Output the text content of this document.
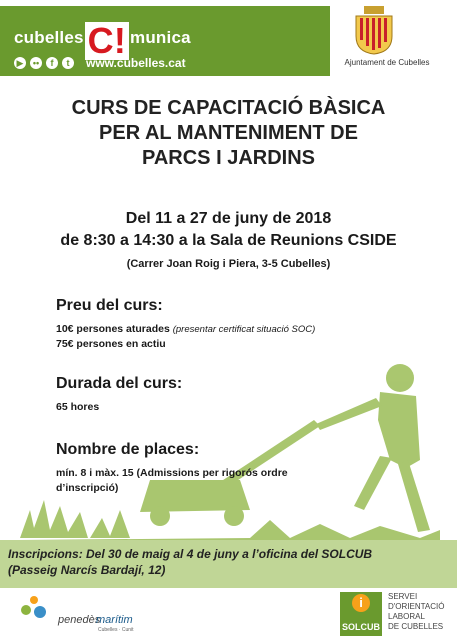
cubelles C! munica
▶	••	f	t	www.cubelles.cat	Ajuntament de Cubelles
CURS DE CAPACITACIÓ BÀSICA
PER AL MANTENIMENT DE
PARCS I JARDINS
Del 11 a 27 de juny de 2018
de 8:30 a 14:30 a la Sala de Reunions CSIDE
(Carrer Joan Roig i Piera, 3-5 Cubelles)
Preu del curs:
10€ persones aturades (presentar certificat situació SOC)
75€ persones en actiu
Durada del curs:
65 hores
Nombre de places:
mín. 8 i màx. 15 (Admissions per rigorós ordre
d’inscripció)
Inscripcions: Del 30 de maig al 4 de juny a l’oficina del SOLCUB
(Passeig Narcís Bardají, 12)
penedès
marítim
Cubelles · Cunit
i
SOLCUB
SERVEI
D'ORIENTACIÓ
LABORAL
DE CUBELLES
